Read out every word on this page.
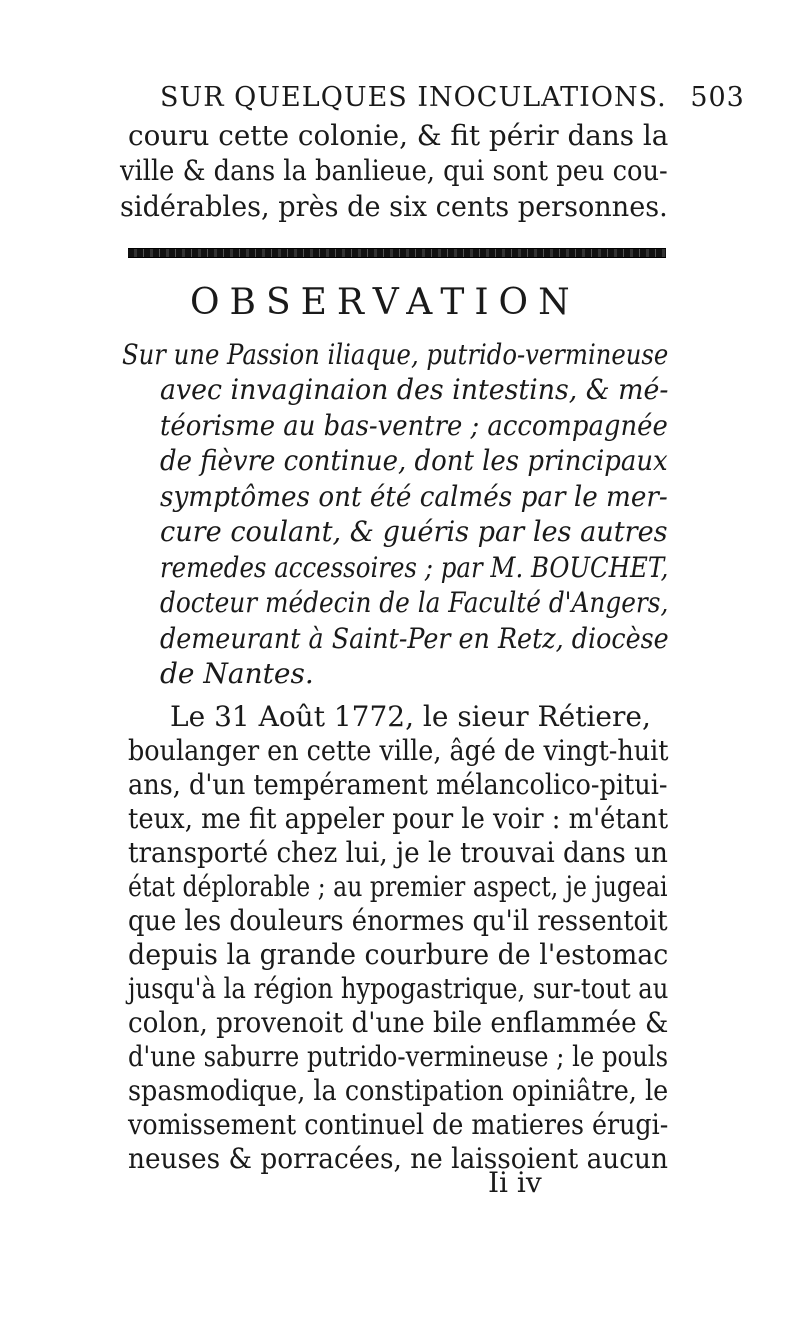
SUR QUELQUES INOCULATIONS. 503
couru cette colonie, & fit périr dans la
ville & dans la banlieue, qui sont peu cou-
sidérables, près de six cents personnes.
OBSERVATION
Sur une Passion iliaque, putrido-vermineuse
avec invaginaion des intestins, & mé-
téorisme au bas-ventre ; accompagnée
de fièvre continue, dont les principaux
symptômes ont été calmés par le mer-
cure coulant, & guéris par les autres
remedes accessoires ; par M. BOUCHET,
docteur médecin de la Faculté d'Angers,
demeurant à Saint-Per en Retz, diocèse
de Nantes.
Le 31 Août 1772, le sieur Rétiere,
boulanger en cette ville, âgé de vingt-huit
ans, d'un tempérament mélancolico-pitui-
teux, me fit appeler pour le voir : m'étant
transporté chez lui, je le trouvai dans un
état déplorable ; au premier aspect, je jugeai
que les douleurs énormes qu'il ressentoit
depuis la grande courbure de l'estomac
jusqu'à la région hypogastrique, sur-tout au
colon, provenoit d'une bile enflammée &
d'une saburre putrido-vermineuse ; le pouls
spasmodique, la constipation opiniâtre, le
vomissement continuel de matieres érugi-
neuses & porracées, ne laissoient aucun
Ii iv
